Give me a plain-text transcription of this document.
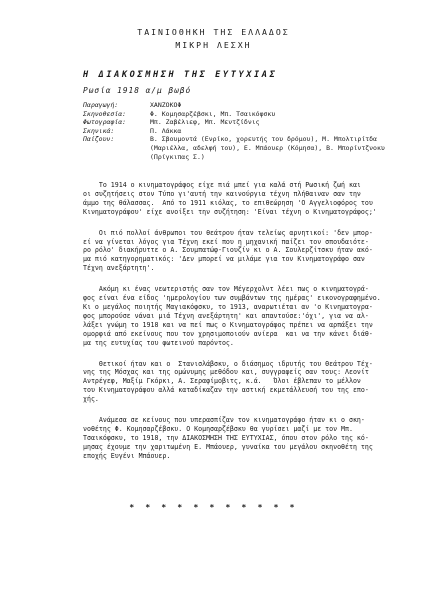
ΤΑΙΝΙΟΘΗΚΗ ΤΗΣ ΕΛΛΑΔΟΣ
ΜΙΚΡΗ ΛΕΣΧΗ
Η ΔΙΑΚΟΣΜΗΣΗ ΤΗΣ ΕΥΤΥΧΙΑΣ
Ρωσία 1918 α/μ βωβό
Παραγωγή:	ΧΑΝΖΟΚΟΦ
Σκηνοθεσία:	Φ. Κομησαρζέβσκι, Μπ. Τσαικόφσκυ
Φωτογραφία:	Μπ. Ζαβέλιεφ, Μπ. Μεντζίδνις
Σκηνικά:	Π. Λάκκα
Παίζουν:	Β. Σβουμοντά (Ενρίκο, χορευτής του δρόμου), Μ. Μπολτιρίτδα
(Μαριέλλα, αδελφή του), Ε. Μπάουερ (Κόμησα), Β. Μπορίντζνοκυ
(Πρίγκιπας Σ.)
Το 1914 ο κινηματογράφος είχε πιά μπεί για καλά στή Ρωσική ζωή και
οι συζητήσεις στον Τύπο γι'αυτή την καινούργια τέχνη πλήθαιναν σαν την
άμμο της θάλασσας.  Από το 1911 κιόλας, το επιθεώρηση 'Ο Αγγελιοφόρος του
Κινηματογράφου' είχε ανοίξει την συζήτηση: 'Είναι τέχνη ο Κινηματογράφος;'
Οι πιό πολλοί άνθρωποι του θεάτρου ήταν τελείως αρνητικοί: 'δεν μπορ-
εί να γίνεται λόγος για Τέχνη εκεί που η μηχανική παίζει τον σπουδαιότε-
ρο ρόλο' διακήρυττε ο Α. Σουμπατώφ-Γιουζίν κι ο Α. Σουλερζίτσκυ ήταν ακό-
μα πιό κατηγορηματικός: 'Δεν μπορεί να μιλάμε για τον Κινηματογράφο σαν
Τέχνη ανεξάρτητη'.
Ακόμη κι ένας νεωτεριστής σαν τον Μέγερχολντ λέει πως ο κινηματογρά-
φος είναι ένα είδος 'ημερολογίου των συμβάντων της ημέρας' εικονογραφημένο.
Κι ο μεγάλος ποιητής Μαγιακόφσκυ, το 1913, αναρωτιέται αν 'ο Κινηματογρα-
φος μπορούσε νάναι μιά Τέχνη ανεξάρτητη' και απαντούσε:'όχι', για να αλ-
λάξει γνώμη το 1918 και να πεί πως ο Κινηματογράφος πρέπει να αρπάξει την
ομορφιά από εκείνους που τον χρησιμοποιούν ανίερα  και να την κάνει διάθ-
μα της ευτυχίας του φωτεινού παρόντος.
Θετικοί ήταν και ο  Στανισλάβσκυ, ο διάσημος ιδρυτής του Θεάτρου Τέχ-
νης της Μόσχας και της ομώνυμης μεθόδου και, συγγραφείς σαν τους: Λεονίτ
Αντρέγεφ, Μαξίμ Γκόρκι, Α. Σεραφίμοβιτς, κ.ά.   Όλοι έβλεπαν το μέλλον
του Κινηματογράφου αλλά καταδίκαζαν την αστική εκμετάλλευσή του της επο-
χής.
Ανάμεσα σε κείνους που υπερασπίζαν τον κινηματογράφο ήταν κι ο σκη-
νοθέτης Φ. Κομησαρζέβσκυ. Ο Κομησαρζέβσκυ θα γυρίσει μαζί με τον Μπ.
Τσαικόφσκυ, το 1918, την ΔΙΑΚΟΣΜΗΣΗ ΤΗΣ ΕΥΤΥΧΙΑΣ, όπου στον ρόλο της κό-
μησας έχουμε την χαριτωμένη Ε. Μπάουερ, γυναίκα του μεγάλου σκηνοθέτη της
εποχής Ευγένι Μπάουερ.
* * * * * * * * * * *
